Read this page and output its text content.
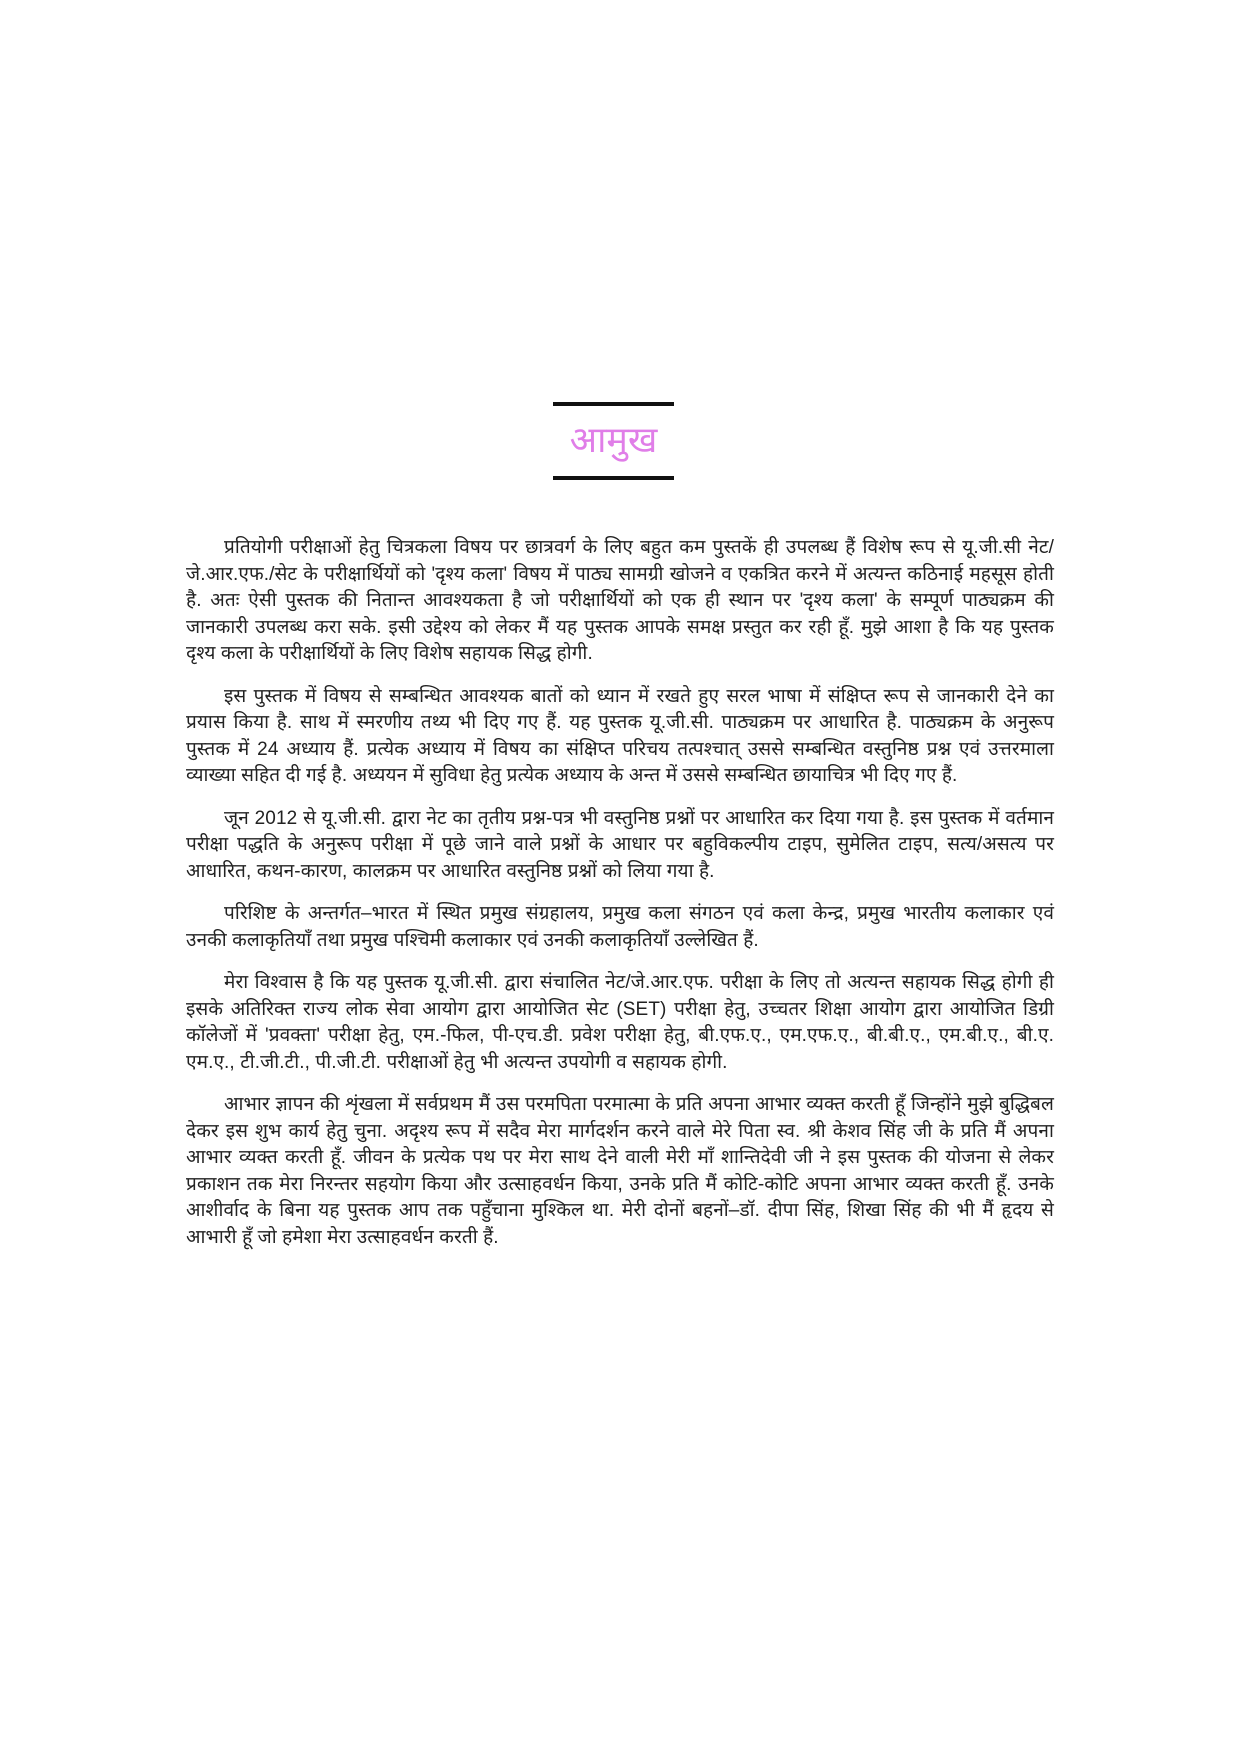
आमुख

प्रतियोगी परीक्षाओं हेतु चित्रकला विषय पर छात्रवर्ग के लिए बहुत कम पुस्तकें ही उपलब्ध हैं विशेष रूप से यू.जी.सी नेट/जे.आर.एफ./सेट के परीक्षार्थियों को 'दृश्य कला' विषय में पाठ्य सामग्री खोजने व एकत्रित करने में अत्यन्त कठिनाई महसूस होती है. अतः ऐसी पुस्तक की नितान्त आवश्यकता है जो परीक्षार्थियों को एक ही स्थान पर 'दृश्य कला' के सम्पूर्ण पाठ्यक्रम की जानकारी उपलब्ध करा सके. इसी उद्देश्य को लेकर मैं यह पुस्तक आपके समक्ष प्रस्तुत कर रही हूँ. मुझे आशा है कि यह पुस्तक दृश्य कला के परीक्षार्थियों के लिए विशेष सहायक सिद्ध होगी.

इस पुस्तक में विषय से सम्बन्धित आवश्यक बातों को ध्यान में रखते हुए सरल भाषा में संक्षिप्त रूप से जानकारी देने का प्रयास किया है. साथ में स्मरणीय तथ्य भी दिए गए हैं. यह पुस्तक यू.जी.सी. पाठ्यक्रम पर आधारित है. पाठ्यक्रम के अनुरूप पुस्तक में 24 अध्याय हैं. प्रत्येक अध्याय में विषय का संक्षिप्त परिचय तत्पश्चात् उससे सम्बन्धित वस्तुनिष्ठ प्रश्न एवं उत्तरमाला व्याख्या सहित दी गई है. अध्ययन में सुविधा हेतु प्रत्येक अध्याय के अन्त में उससे सम्बन्धित छायाचित्र भी दिए गए हैं.

जून 2012 से यू.जी.सी. द्वारा नेट का तृतीय प्रश्न-पत्र भी वस्तुनिष्ठ प्रश्नों पर आधारित कर दिया गया है. इस पुस्तक में वर्तमान परीक्षा पद्धति के अनुरूप परीक्षा में पूछे जाने वाले प्रश्नों के आधार पर बहुविकल्पीय टाइप, सुमेलित टाइप, सत्य/असत्य पर आधारित, कथन-कारण, कालक्रम पर आधारित वस्तुनिष्ठ प्रश्नों को लिया गया है.

परिशिष्ट के अन्तर्गत–भारत में स्थित प्रमुख संग्रहालय, प्रमुख कला संगठन एवं कला केन्द्र, प्रमुख भारतीय कलाकार एवं उनकी कलाकृतियाँ तथा प्रमुख पश्चिमी कलाकार एवं उनकी कलाकृतियाँ उल्लेखित हैं.

मेरा विश्वास है कि यह पुस्तक यू.जी.सी. द्वारा संचालित नेट/जे.आर.एफ. परीक्षा के लिए तो अत्यन्त सहायक सिद्ध होगी ही इसके अतिरिक्त राज्य लोक सेवा आयोग द्वारा आयोजित सेट (SET) परीक्षा हेतु, उच्चतर शिक्षा आयोग द्वारा आयोजित डिग्री कॉलेजों में 'प्रवक्ता' परीक्षा हेतु, एम.-फिल, पी-एच.डी. प्रवेश परीक्षा हेतु, बी.एफ.ए., एम.एफ.ए., बी.बी.ए., एम.बी.ए., बी.ए. एम.ए., टी.जी.टी., पी.जी.टी. परीक्षाओं हेतु भी अत्यन्त उपयोगी व सहायक होगी.

आभार ज्ञापन की शृंखला में सर्वप्रथम मैं उस परमपिता परमात्मा के प्रति अपना आभार व्यक्त करती हूँ जिन्होंने मुझे बुद्धिबल देकर इस शुभ कार्य हेतु चुना. अदृश्य रूप में सदैव मेरा मार्गदर्शन करने वाले मेरे पिता स्व. श्री केशव सिंह जी के प्रति मैं अपना आभार व्यक्त करती हूँ. जीवन के प्रत्येक पथ पर मेरा साथ देने वाली मेरी माँ शान्तिदेवी जी ने इस पुस्तक की योजना से लेकर प्रकाशन तक मेरा निरन्तर सहयोग किया और उत्साहवर्धन किया, उनके प्रति मैं कोटि-कोटि अपना आभार व्यक्त करती हूँ. उनके आशीर्वाद के बिना यह पुस्तक आप तक पहुँचाना मुश्किल था. मेरी दोनों बहनों–डॉ. दीपा सिंह, शिखा सिंह की भी मैं हृदय से आभारी हूँ जो हमेशा मेरा उत्साहवर्धन करती हैं.
